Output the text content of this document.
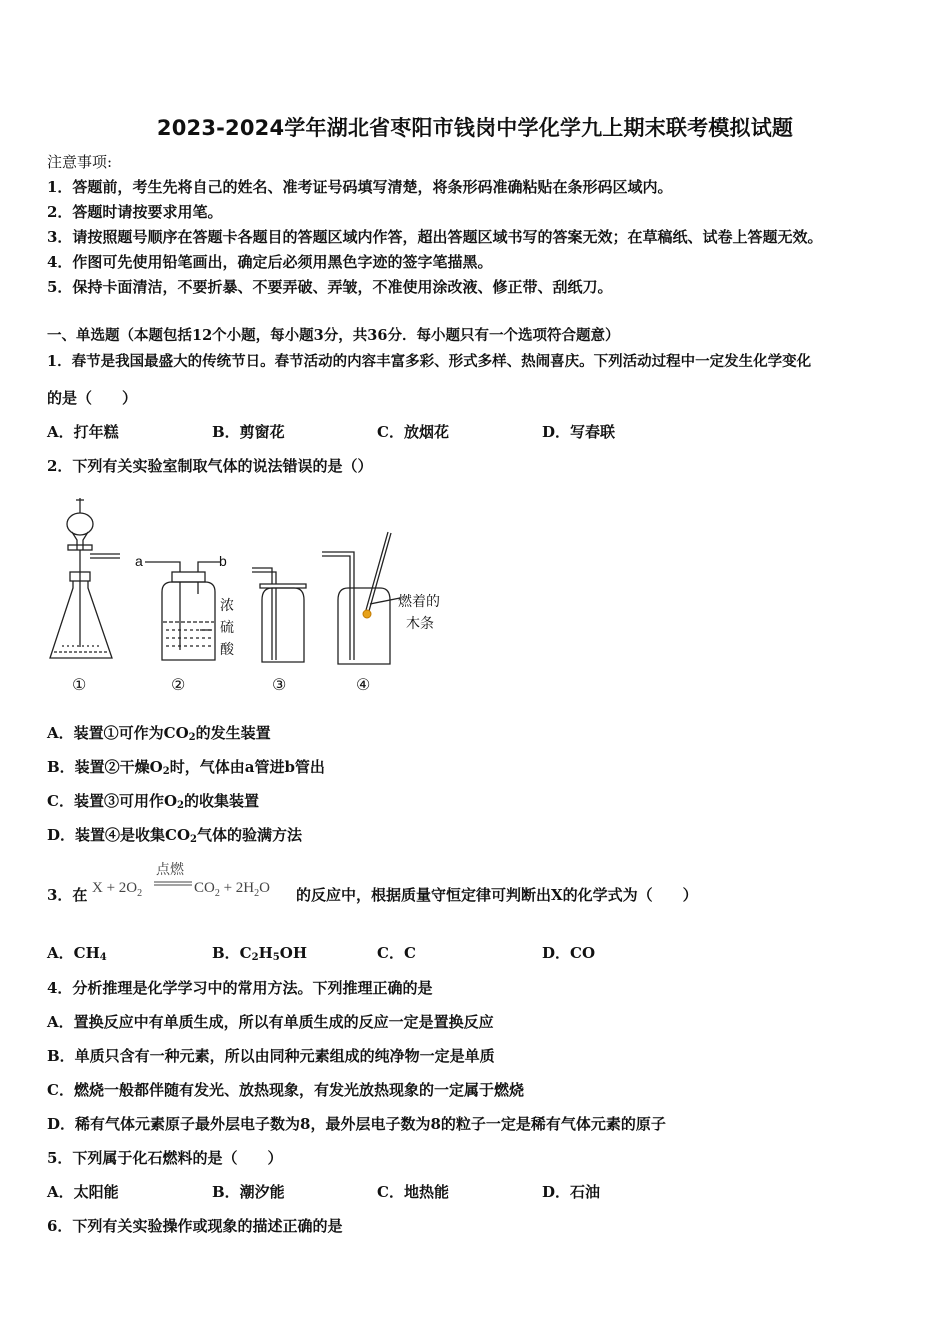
2023-2024学年湖北省枣阳市钱岗中学化学九上期末联考模拟试题
注意事项:
1．答题前，考生先将自己的姓名、准考证号码填写清楚，将条形码准确粘贴在条形码区域内。
2．答题时请按要求用笔。
3．请按照题号顺序在答题卡各题目的答题区域内作答，超出答题区域书写的答案无效；在草稿纸、试卷上答题无效。
4．作图可先使用铅笔画出，确定后必须用黑色字迹的签字笔描黑。
5．保持卡面清洁，不要折暴、不要弄破、弄皱，不准使用涂改液、修正带、刮纸刀。
一、单选题（本题包括12个小题，每小题3分，共36分．每小题只有一个选项符合题意）
1．春节是我国最盛大的传统节日。春节活动的内容丰富多彩、形式多样、热闹喜庆。下列活动过程中一定发生化学变化
的是（　　）
A．打年糕	B．剪窗花	C．放烟花	D．写春联
2．下列有关实验室制取气体的说法错误的是（）
a	b
浓
硫
酸
燃着的
木条
①	②	③	④
A．装置①可作为$CO_2$的发生装置
B．装置②干燥$O_2$时，气体由a管进b管出
C．装置③可用作$O_2$的收集装置
D．装置④是收集$CO_2$气体的验满方法
3．在 $X + 2O_2$
点燃
$CO_2 + 2H_2O$ 的反应中，根据质量守恒定律可判断出X的化学式为（　　）
A．$CH_4$	B．$C_2H_5OH$	C．C	D．CO
4．分析推理是化学学习中的常用方法。下列推理正确的是
A．置换反应中有单质生成，所以有单质生成的反应一定是置换反应
B．单质只含有一种元素，所以由同种元素组成的纯净物一定是单质
C．燃烧一般都伴随有发光、放热现象，有发光放热现象的一定属于燃烧
D．稀有气体元素原子最外层电子数为8，最外层电子数为8的粒子一定是稀有气体元素的原子
5．下列属于化石燃料的是（　　）
A．太阳能	B．潮汐能	C．地热能	D．石油
6．下列有关实验操作或现象的描述正确的是
